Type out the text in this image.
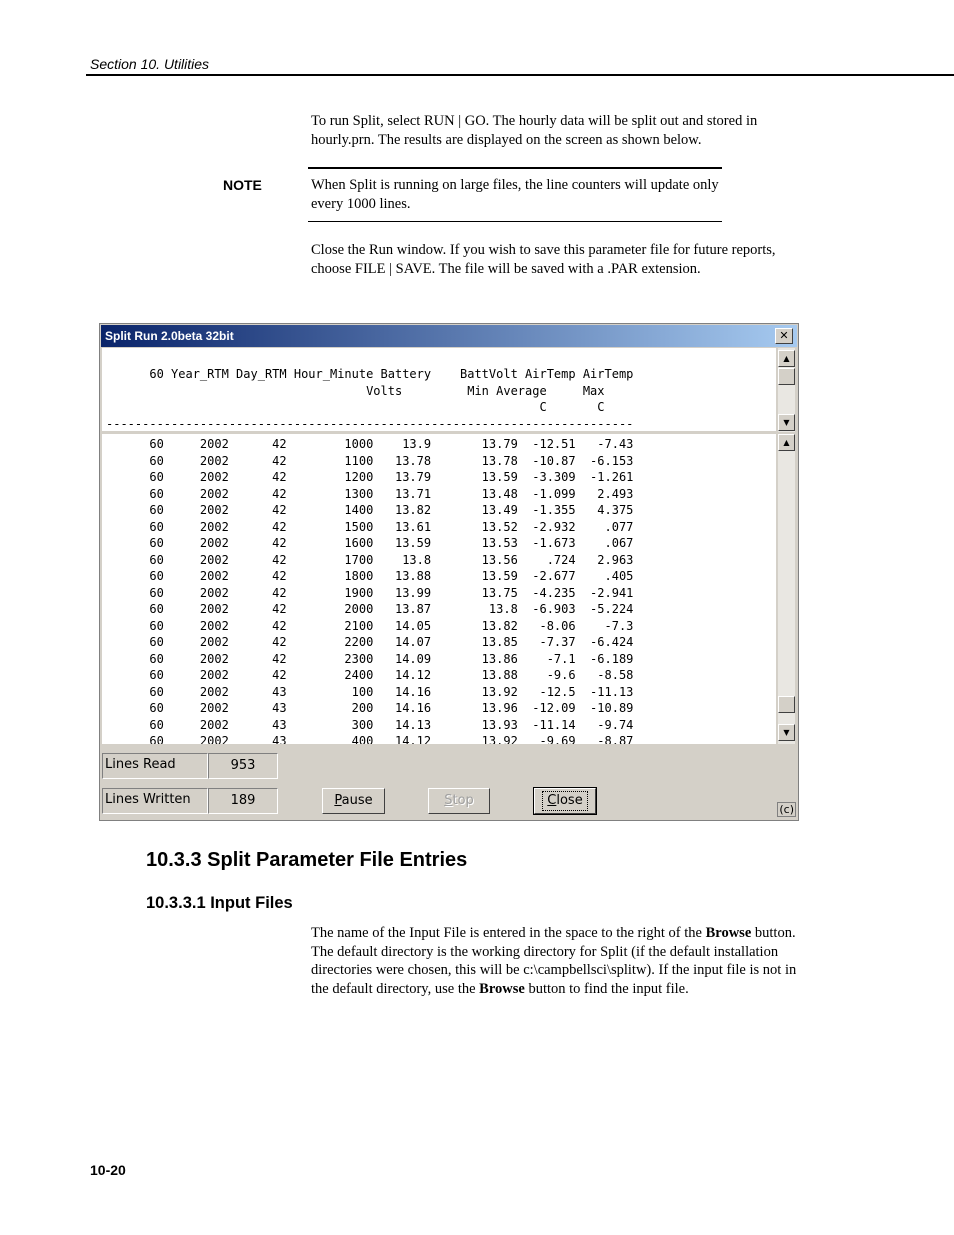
Section 10. Utilities

To run Split, select RUN | GO. The hourly data will be split out and stored in hourly.prn. The results are displayed on the screen as shown below.

NOTE	When Split is running on large files, the line counters will update only every 1000 lines.

Close the Run window. If you wish to save this parameter file for future reports, choose FILE | SAVE. The file will be saved with a .PAR extension.

Split Run 2.0beta 32bit	✕
60 Year_RTM Day_RTM Hour_Minute Battery    BattVolt AirTemp AirTemp
Volts         Min Average     Max
C       C
-------------------------------------------------------------------------
▲
▼
60     2002      42        1000    13.9       13.79  -12.51   -7.43
60     2002      42        1100   13.78       13.78  -10.87  -6.153
60     2002      42        1200   13.79       13.59  -3.309  -1.261
60     2002      42        1300   13.71       13.48  -1.099   2.493
60     2002      42        1400   13.82       13.49  -1.355   4.375
60     2002      42        1500   13.61       13.52  -2.932    .077
60     2002      42        1600   13.59       13.53  -1.673    .067
60     2002      42        1700    13.8       13.56    .724   2.963
60     2002      42        1800   13.88       13.59  -2.677    .405
60     2002      42        1900   13.99       13.75  -4.235  -2.941
60     2002      42        2000   13.87        13.8  -6.903  -5.224
60     2002      42        2100   14.05       13.82   -8.06    -7.3
60     2002      42        2200   14.07       13.85   -7.37  -6.424
60     2002      42        2300   14.09       13.86    -7.1  -6.189
60     2002      42        2400   14.12       13.88    -9.6   -8.58
60     2002      43         100   14.16       13.92   -12.5  -11.13
60     2002      43         200   14.16       13.96  -12.09  -10.89
60     2002      43         300   14.13       13.93  -11.14   -9.74
60     2002      43         400   14.12       13.92   -9.69   -8.87
▲
▼
Lines Read	953
Lines Written	189	Pause	Stop	Close
(c)
10.3.3 Split Parameter File Entries
10.3.3.1 Input Files

The name of the Input File is entered in the space to the right of the Browse button. The default directory is the working directory for Split (if the default installation directories were chosen, this will be c:\campbellsci\splitw). If the input file is not in the default directory, use the Browse button to find the input file.

10-20
